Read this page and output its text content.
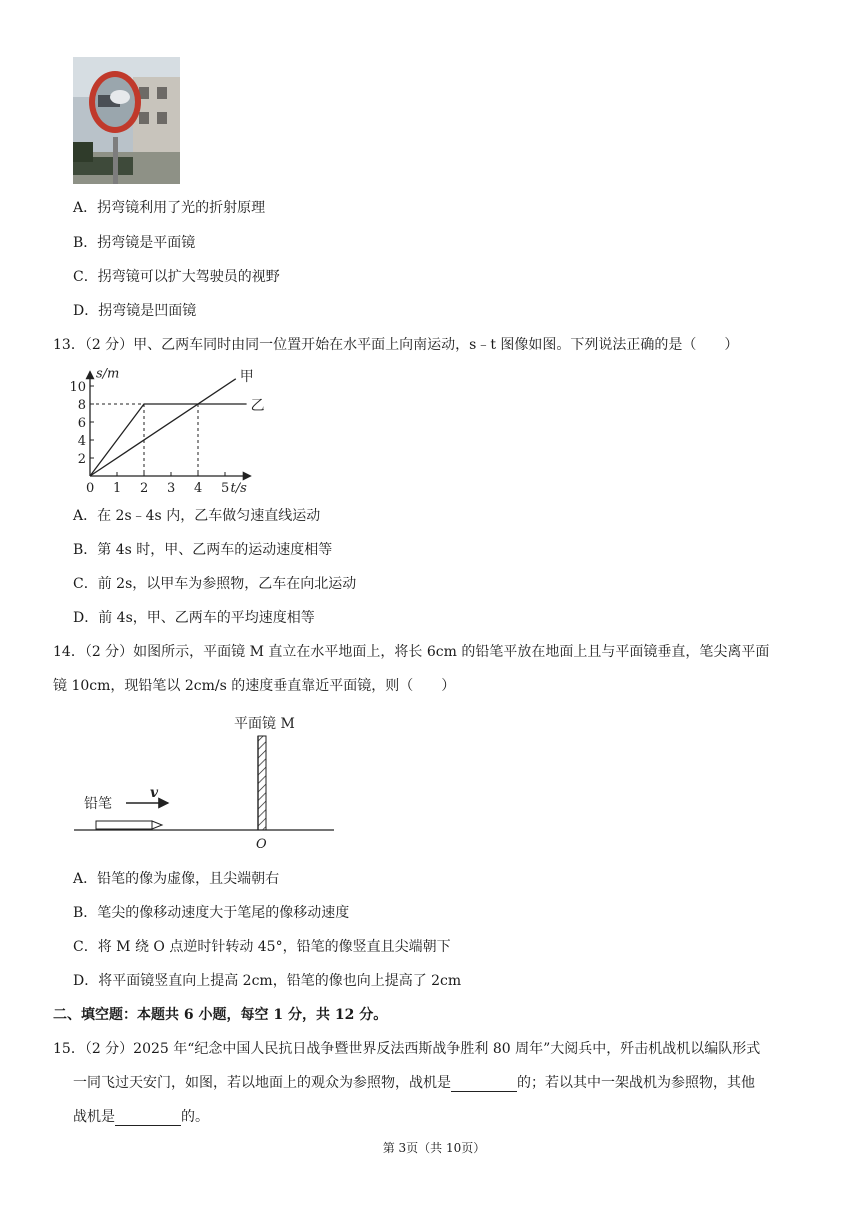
A．拐弯镜利用了光的折射原理
B．拐弯镜是平面镜
C．拐弯镜可以扩大驾驶员的视野
D．拐弯镜是凹面镜
13．（2 分）甲、乙两车同时由同一位置开始在水平面上向南运动，s﹣t 图像如图。下列说法正确的是（　　）
0 1 2 3 4 5
2
4
6
8
10
甲
乙
t/s
s/m
A．在 2s﹣4s 内，乙车做匀速直线运动
B．第 4s 时，甲、乙两车的运动速度相等
C．前 2s，以甲车为参照物，乙车在向北运动
D．前 4s，甲、乙两车的平均速度相等
14．（2 分）如图所示，平面镜 M 直立在水平地面上，将长 6cm 的铅笔平放在地面上且与平面镜垂直，笔尖离平面
镜 10cm，现铅笔以 2cm/s 的速度垂直靠近平面镜，则（　　）
平面镜 M
铅笔
v
O
A．铅笔的像为虚像，且尖端朝右
B．笔尖的像移动速度大于笔尾的像移动速度
C．将 M 绕 O 点逆时针转动 45°，铅笔的像竖直且尖端朝下
D．将平面镜竖直向上提高 2cm，铅笔的像也向上提高了 2cm
二、填空题：本题共 6 小题，每空 1 分，共 12 分。
15．（2 分）2025 年“纪念中国人民抗日战争暨世界反法西斯战争胜利 80 周年”大阅兵中，歼击机战机以编队形式
一同飞过天安门，如图，若以地面上的观众为参照物，战机是	的；若以其中一架战机为参照物，其他
战机是	的。
第 3页（共 10页）
